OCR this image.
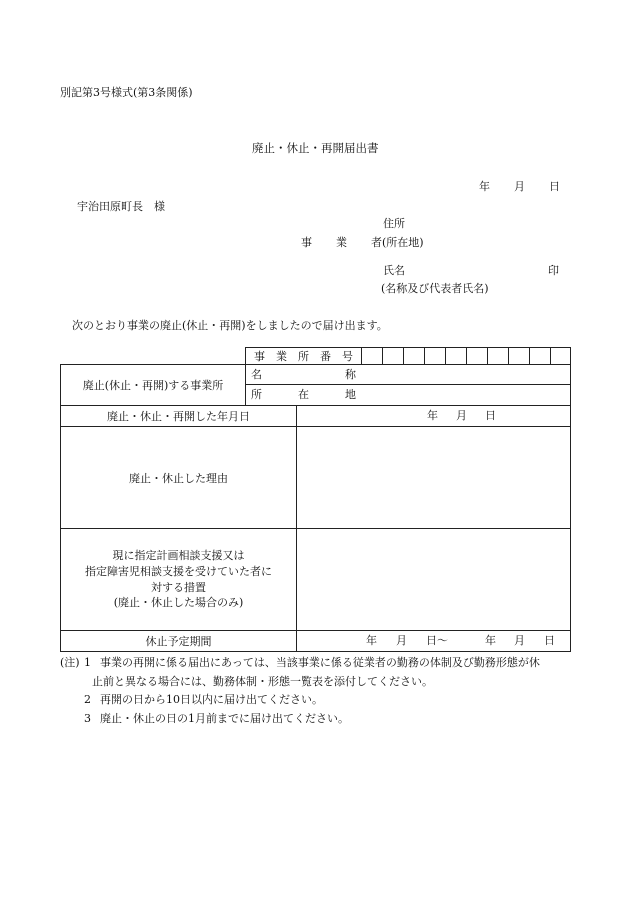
別記第3号様式(第3条関係)
廃止・休止・再開届出書
年 月 日
宇治田原町長　様
住所
事 業 者(所在地)
氏名	印
(名称及び代表者氏名)
次のとおり事業の廃止(休止・再開)をしましたので届け出ます。
事　業　所　番　号
廃止(休止・再開)する事業所
名	称
所	在	地
廃止・休止・再開した年月日	年 月 日
廃止・休止した理由
現に指定計画相談支援又は
指定障害児相談支援を受けていた者に
対する措置
(廃止・休止した場合のみ)
休止予定期間	年 月 日〜	年 月 日
(注) 1 事業の再開に係る届出にあっては、当該事業に係る従業者の勤務の体制及び勤務形態が休
止前と異なる場合には、勤務体制・形態一覧表を添付してください。
2 再開の日から10日以内に届け出てください。
3 廃止・休止の日の1月前までに届け出てください。
